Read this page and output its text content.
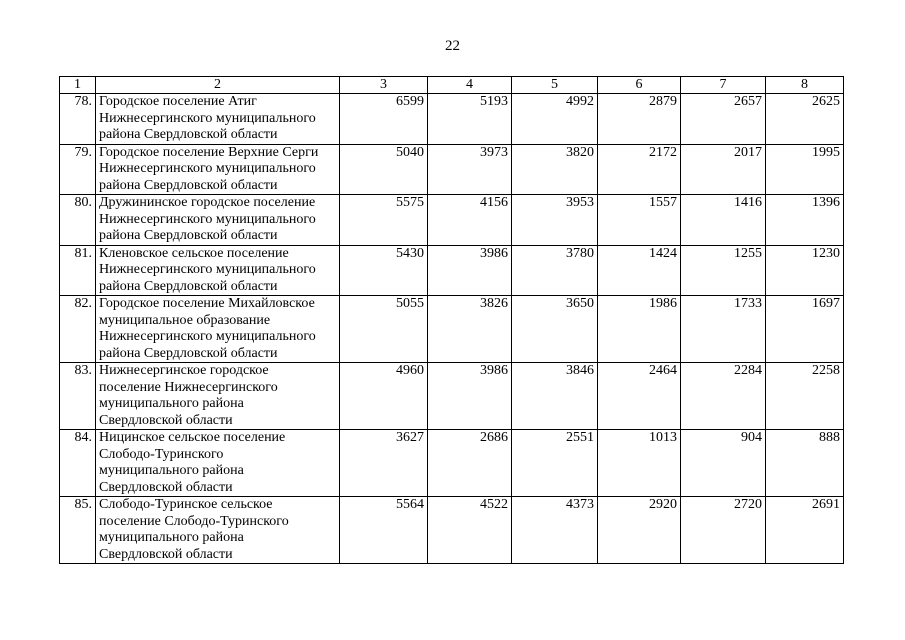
22
1	2	3	4	5	6	7	8
78.	Городское поселение Атиг
Нижнесергинского муниципального
района Свердловской области	6599	5193	4992	2879	2657	2625
79.	Городское поселение Верхние Серги
Нижнесергинского муниципального
района Свердловской области	5040	3973	3820	2172	2017	1995
80.	Дружининское городское поселение
Нижнесергинского муниципального
района Свердловской области	5575	4156	3953	1557	1416	1396
81.	Кленовское сельское поселение
Нижнесергинского муниципального
района Свердловской области	5430	3986	3780	1424	1255	1230
82.	Городское поселение Михайловское
муниципальное образование
Нижнесергинского муниципального
района Свердловской области	5055	3826	3650	1986	1733	1697
83.	Нижнесергинское городское
поселение Нижнесергинского
муниципального района
Свердловской области	4960	3986	3846	2464	2284	2258
84.	Ницинское сельское поселение
Слободо-Туринского
муниципального района
Свердловской области	3627	2686	2551	1013	904	888
85.	Слободо-Туринское сельское
поселение Слободо-Туринского
муниципального района
Свердловской области	5564	4522	4373	2920	2720	2691
